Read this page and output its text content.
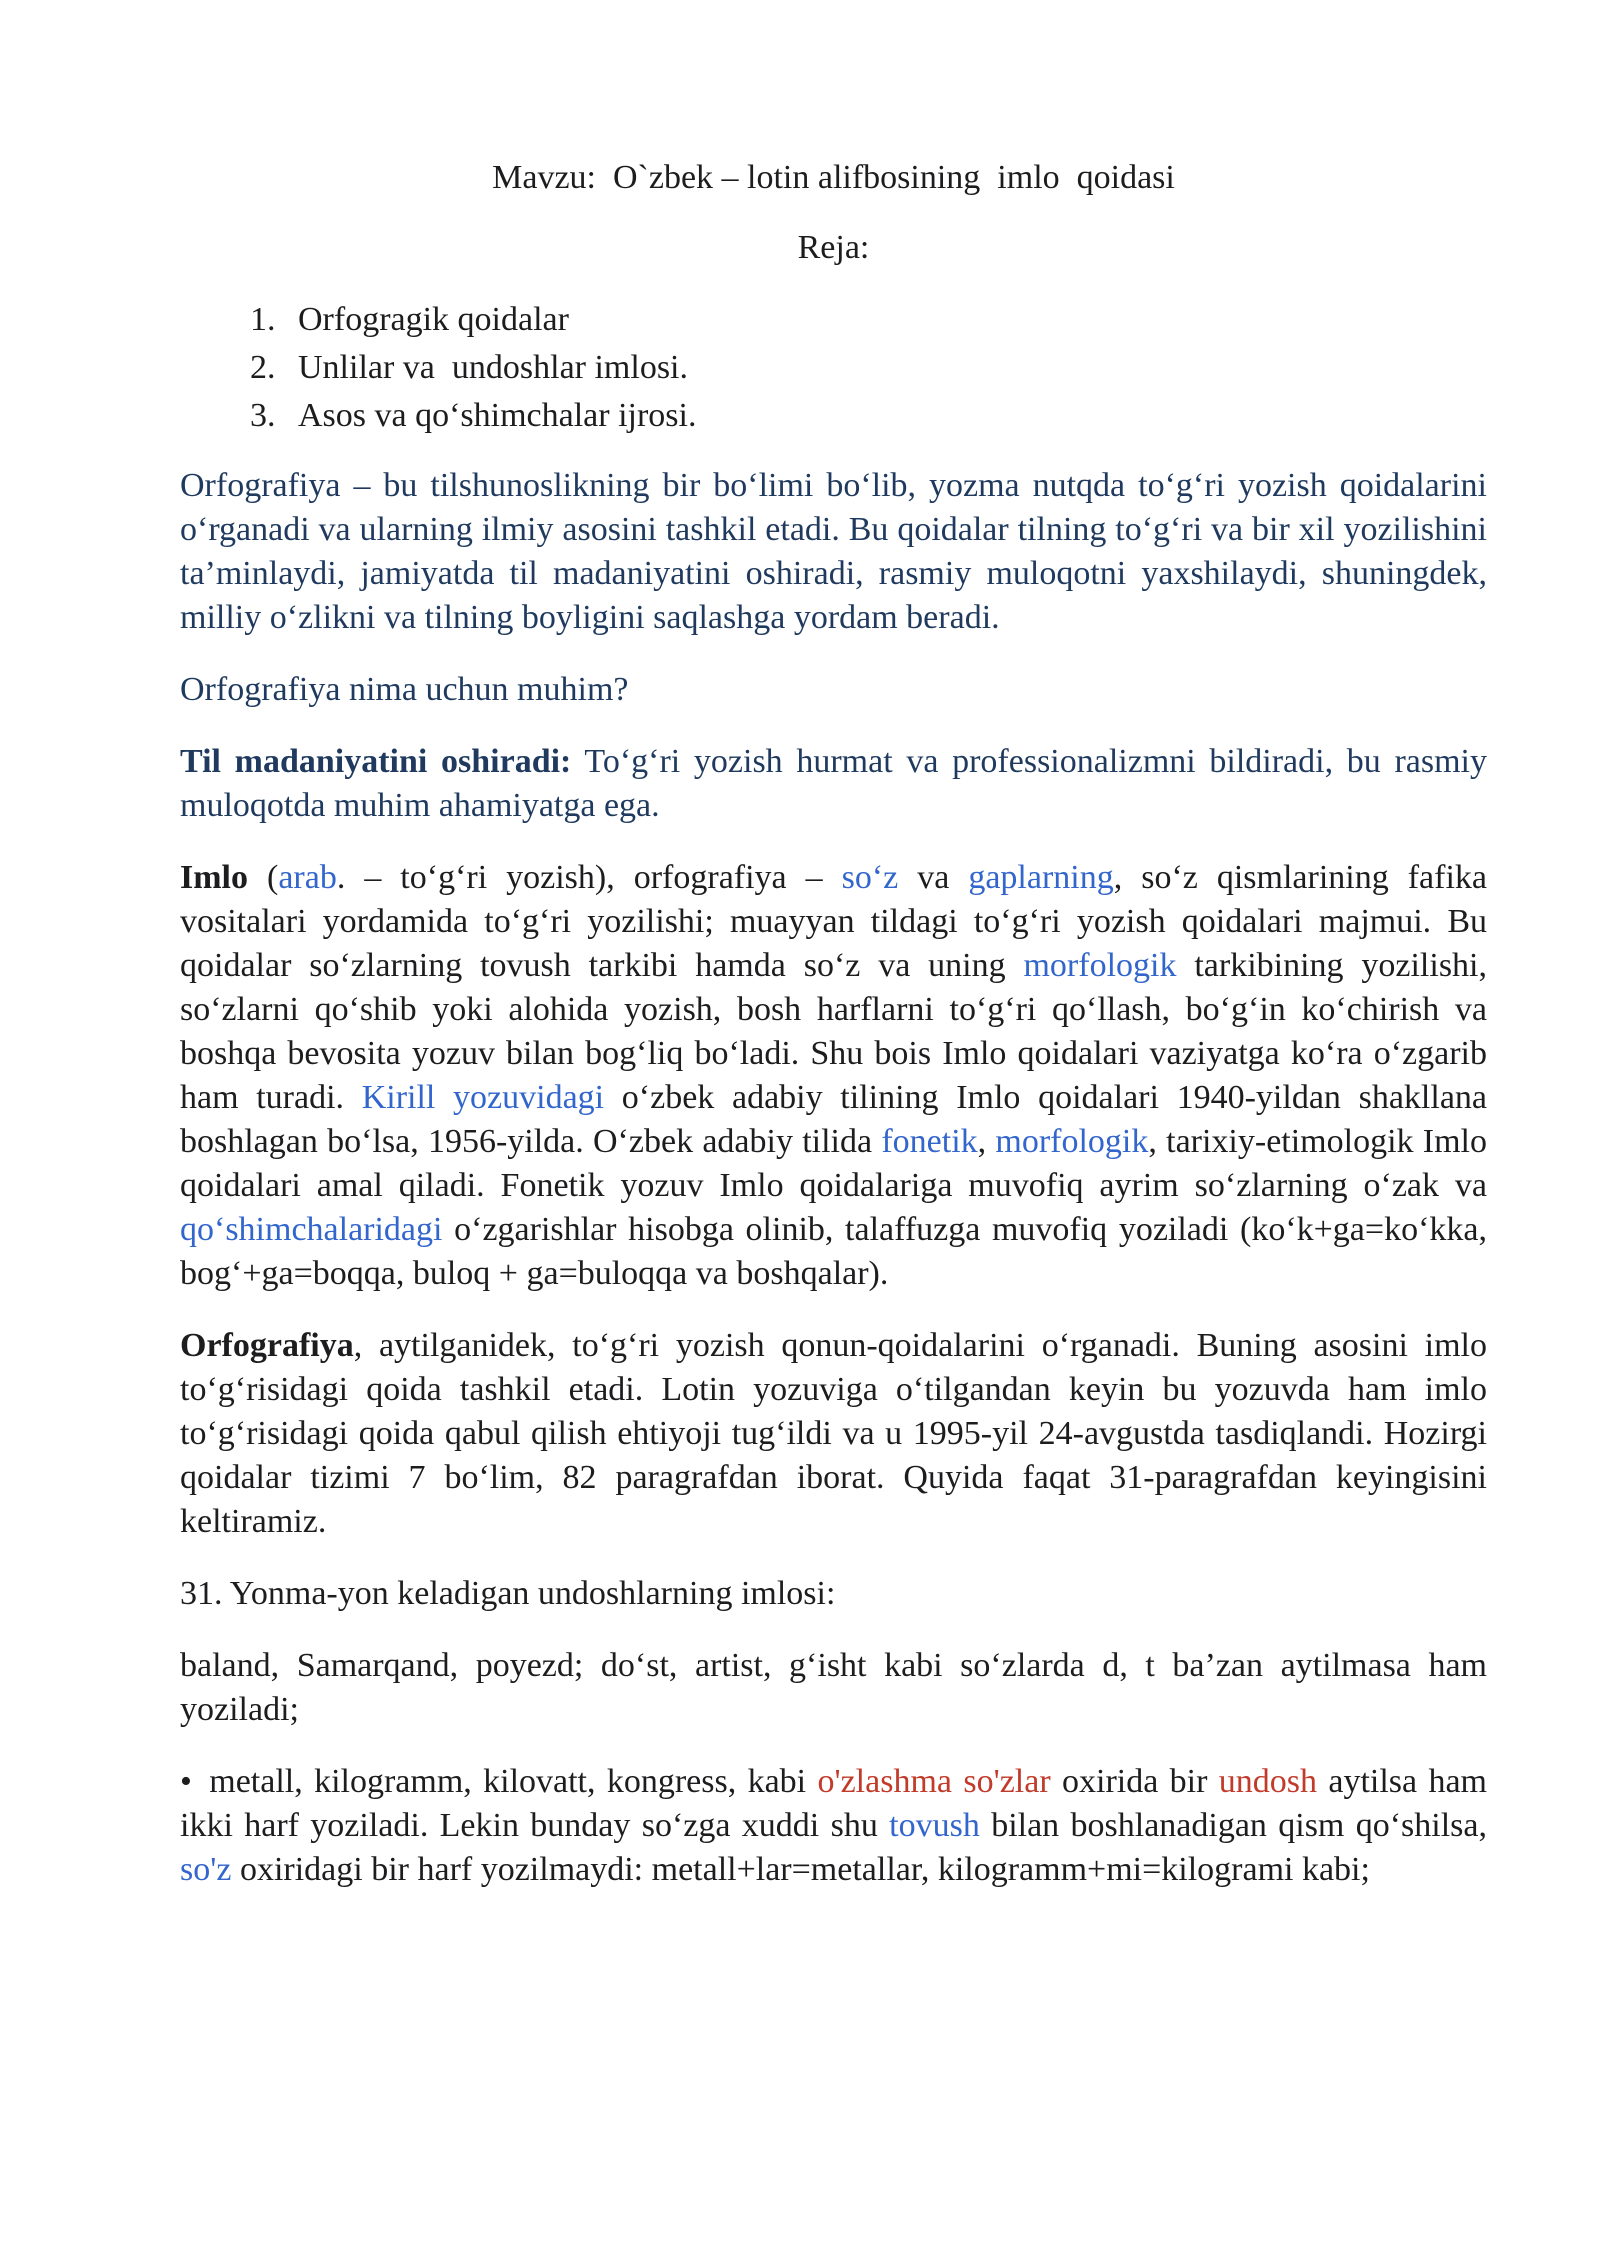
Mavzu:  O`zbek – lotin alifbosining  imlo  qoidasi
Reja:
1. Orfogragik qoidalar
2. Unlilar va  undoshlar imlosi.
3. Asos va qoʻshimchalar ijrosi.

Orfografiya – bu tilshunoslikning bir boʻlimi boʻlib, yozma nutqda toʻgʻri yozish qoidalarini oʻrganadi va ularning ilmiy asosini tashkil etadi. Bu qoidalar tilning toʻgʻri va bir xil yozilishini ta’minlaydi, jamiyatda til madaniyatini oshiradi, rasmiy muloqotni yaxshilaydi, shuningdek, milliy oʻzlikni va tilning boyligini saqlashga yordam beradi.

Orfografiya nima uchun muhim?

Til madaniyatini oshiradi: Toʻgʻri yozish hurmat va professionalizmni bildiradi, bu rasmiy muloqotda muhim ahamiyatga ega.

Imlo (arab. – toʻgʻri yozish), orfografiya – soʻz va gaplarning, soʻz qismlarining fafika vositalari yordamida toʻgʻri yozilishi; muayyan tildagi toʻgʻri yozish qoidalari majmui. Bu qoidalar soʻzlarning tovush tarkibi hamda soʻz va uning morfologik tarkibining yozilishi, soʻzlarni qoʻshib yoki alohida yozish, bosh harflarni toʻgʻri qoʻllash, boʻgʻin koʻchirish va boshqa bevosita yozuv bilan bogʻliq boʻladi. Shu bois Imlo qoidalari vaziyatga koʻra oʻzgarib ham turadi. Kirill yozuvidagi oʻzbek adabiy tilining Imlo qoidalari 1940-yildan shakllana boshlagan boʻlsa, 1956-yilda. Oʻzbek adabiy tilida fonetik, morfologik, tarixiy-etimologik Imlo qoidalari amal qiladi. Fonetik yozuv Imlo qoidalariga muvofiq ayrim soʻzlarning oʻzak va qoʻshimchalaridagi oʻzgarishlar hisobga olinib, talaffuzga muvofiq yoziladi (koʻk+ga=koʻkka, bogʻ+ga=boqqa, buloq + ga=buloqqa va boshqalar).

Orfografiya, aytilganidek, toʻgʻri yozish qonun-qoidalarini oʻrganadi. Buning asosini imlo toʻgʻrisidagi qoida tashkil etadi. Lotin yozuviga oʻtilgandan keyin bu yozuvda ham imlo toʻgʻrisidagi qoida qabul qilish ehtiyoji tugʻildi va u 1995-yil 24-avgustda tasdiqlandi. Hozirgi qoidalar tizimi 7 boʻlim, 82 paragrafdan iborat. Quyida faqat 31-paragrafdan keyingisini keltiramiz.

31. Yonma-yon keladigan undoshlarning imlosi:

baland, Samarqand, poyezd; doʻst, artist, gʻisht kabi soʻzlarda d, t ba’zan aytilmasa ham yoziladi;

• metall, kilogramm, kilovatt, kongress, kabi o'zlashma so'zlar oxirida bir undosh aytilsa ham ikki harf yoziladi. Lekin bunday soʻzga xuddi shu tovush bilan boshlanadigan qism qoʻshilsa, so'z oxiridagi bir harf yozilmaydi: metall+lar=metallar, kilogramm+mi=kilogrami kabi;
